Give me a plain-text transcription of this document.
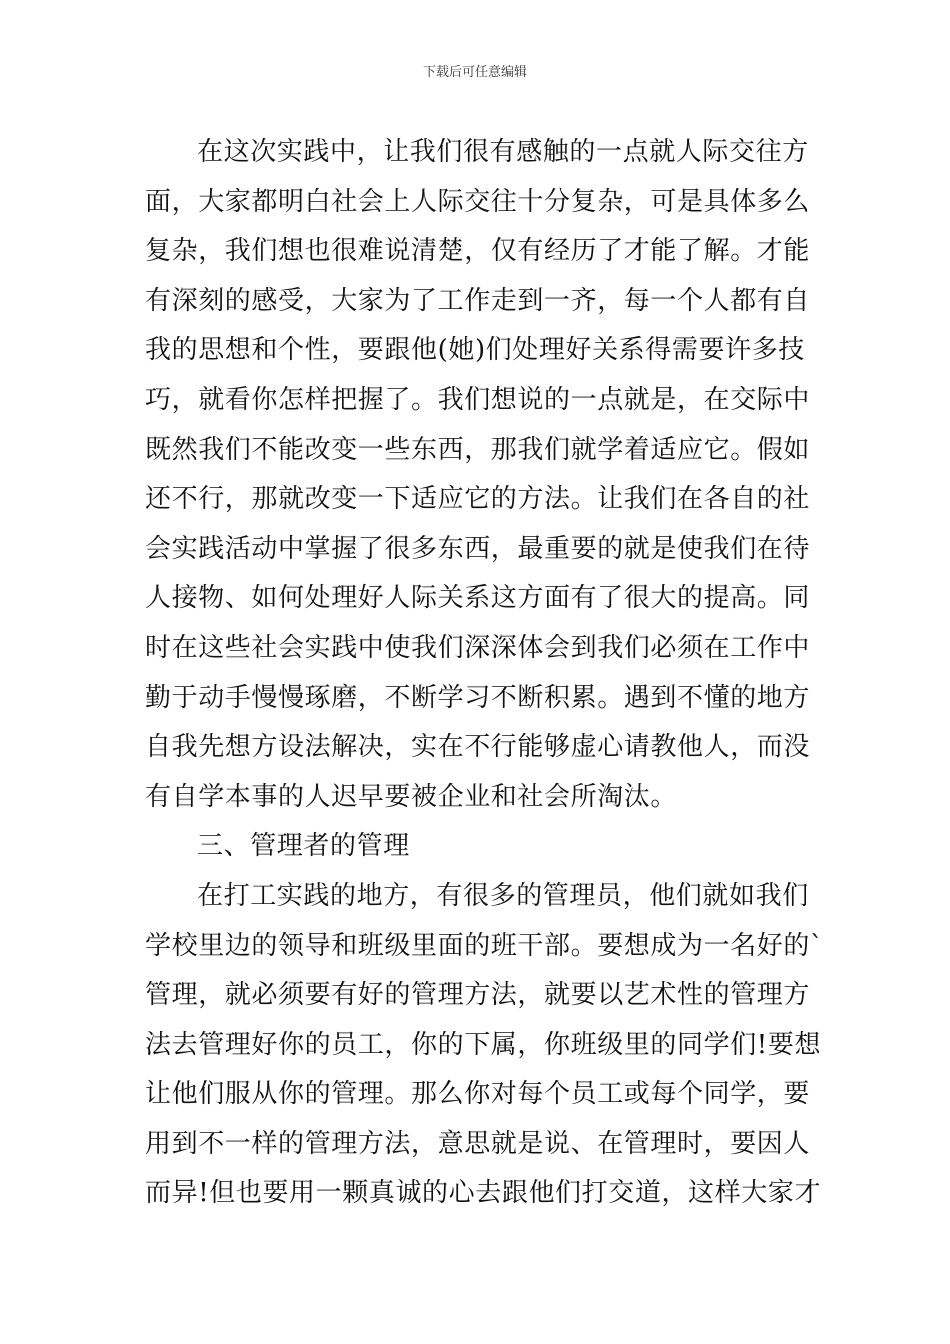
下载后可任意编辑
在这次实践中，让我们很有感触的一点就人际交往方
面，大家都明白社会上人际交往十分复杂，可是具体多么
复杂，我们想也很难说清楚，仅有经历了才能了解。才能
有深刻的感受，大家为了工作走到一齐，每一个人都有自
我的思想和个性，要跟他(她)们处理好关系得需要许多技
巧，就看你怎样把握了。我们想说的一点就是，在交际中
既然我们不能改变一些东西，那我们就学着适应它。假如
还不行，那就改变一下适应它的方法。让我们在各自的社
会实践活动中掌握了很多东西，最重要的就是使我们在待
人接物、如何处理好人际关系这方面有了很大的提高。同
时在这些社会实践中使我们深深体会到我们必须在工作中
勤于动手慢慢琢磨，不断学习不断积累。遇到不懂的地方
自我先想方设法解决，实在不行能够虚心请教他人，而没
有自学本事的人迟早要被企业和社会所淘汰。
三、管理者的管理
在打工实践的地方，有很多的管理员，他们就如我们
学校里边的领导和班级里面的班干部。要想成为一名好的`
管理，就必须要有好的管理方法，就要以艺术性的管理方
法去管理好你的员工，你的下属，你班级里的同学们!要想
让他们服从你的管理。那么你对每个员工或每个同学，要
用到不一样的管理方法，意思就是说、在管理时，要因人
而异!但也要用一颗真诚的心去跟他们打交道，这样大家才
